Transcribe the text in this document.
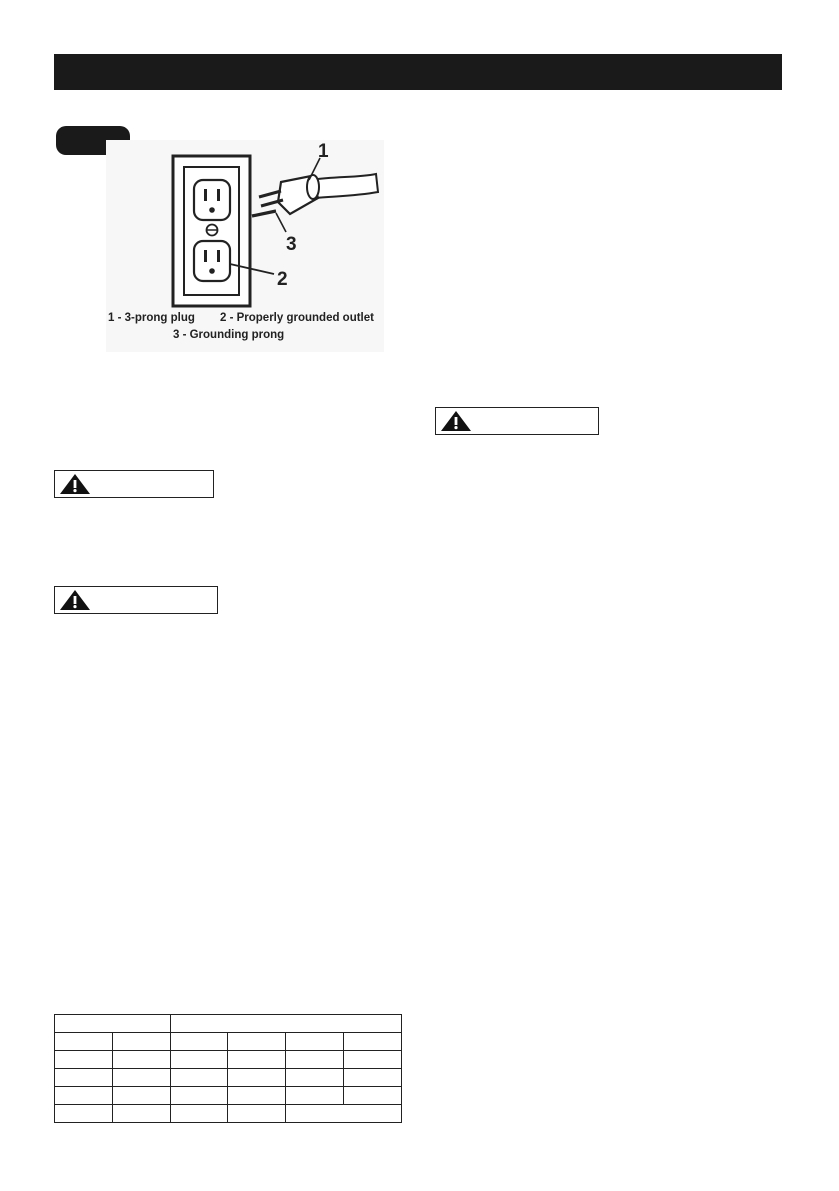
1
2
3
1 - 3-prong plug 2 - Properly grounded outlet
3 - Grounding prong
